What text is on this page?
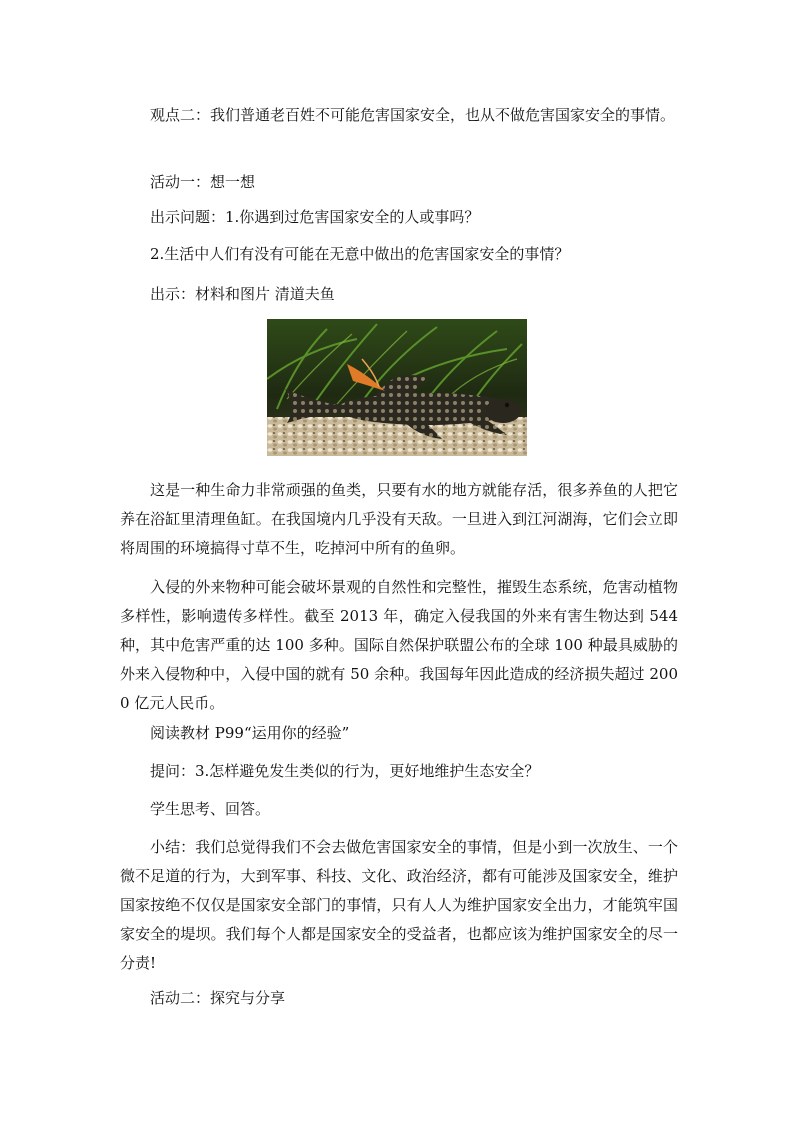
观点二：我们普通老百姓不可能危害国家安全，也从不做危害国家安全的事情。

活动一：想一想

出示问题：1.你遇到过危害国家安全的人或事吗？

2.生活中人们有没有可能在无意中做出的危害国家安全的事情？

出示：材料和图片 清道夫鱼

这是一种生命力非常顽强的鱼类，只要有水的地方就能存活，很多养鱼的人把它养在浴缸里清理鱼缸。在我国境内几乎没有天敌。一旦进入到江河湖海，它们会立即将周围的环境搞得寸草不生，吃掉河中所有的鱼卵。

入侵的外来物种可能会破坏景观的自然性和完整性，摧毁生态系统，危害动植物多样性，影响遗传多样性。截至 2013 年，确定入侵我国的外来有害生物达到 544 种，其中危害严重的达 100 多种。国际自然保护联盟公布的全球 100 种最具威胁的外来入侵物种中，入侵中国的就有 50 余种。我国每年因此造成的经济损失超过 2000 亿元人民币。

阅读教材 P99“运用你的经验”

提问：3.怎样避免发生类似的行为，更好地维护生态安全？

学生思考、回答。

小结：我们总觉得我们不会去做危害国家安全的事情，但是小到一次放生、一个微不足道的行为，大到军事、科技、文化、政治经济，都有可能涉及国家安全，维护国家按绝不仅仅是国家安全部门的事情，只有人人为维护国家安全出力，才能筑牢国家安全的堤坝。我们每个人都是国家安全的受益者，也都应该为维护国家安全的尽一分责!

活动二：探究与分享
